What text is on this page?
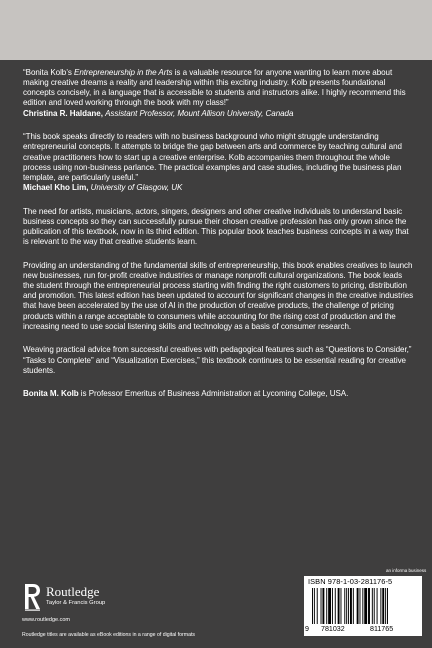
“Bonita Kolb’s Entrepreneurship in the Arts is a valuable resource for anyone wanting to learn more about making creative dreams a reality and leadership within this exciting industry. Kolb presents foundational concepts concisely, in a language that is accessible to students and instructors alike. I highly recommend this edition and loved working through the book with my class!”
Christina R. Haldane, Assistant Professor, Mount Allison University, Canada

“This book speaks directly to readers with no business background who might struggle understanding entrepreneurial concepts. It attempts to bridge the gap between arts and commerce by teaching cultural and creative practitioners how to start up a creative enterprise. Kolb accompanies them throughout the whole process using non-business parlance. The practical examples and case studies, including the business plan template, are particularly useful.”
Michael Kho Lim, University of Glasgow, UK

The need for artists, musicians, actors, singers, designers and other creative individuals to understand basic business concepts so they can successfully pursue their chosen creative profession has only grown since the publication of this textbook, now in its third edition. This popular book teaches business concepts in a way that is relevant to the way that creative students learn.

Providing an understanding of the fundamental skills of entrepreneurship, this book enables creatives to launch new businesses, run for-profit creative industries or manage nonprofit cultural organizations. The book leads the student through the entrepreneurial process starting with finding the right customers to pricing, distribution and promotion. This latest edition has been updated to account for significant changes in the creative industries that have been accelerated by the use of AI in the production of creative products, the challenge of pricing products within a range acceptable to consumers while accounting for the rising cost of production and the increasing need to use social listening skills and technology as a basis of consumer research.

Weaving practical advice from successful creatives with pedagogical features such as “Questions to Consider,” “Tasks to Complete” and “Visualization Exercises,” this textbook continues to be essential reading for creative students.

Bonita M. Kolb is Professor Emeritus of Business Administration at Lycoming College, USA.

Routledge
Taylor & Francis Group
www.routledge.com
Routledge titles are available as eBook editions in a range of digital formats
an informa business
ISBN 978-1-03-281176-5
9 781032	811765
